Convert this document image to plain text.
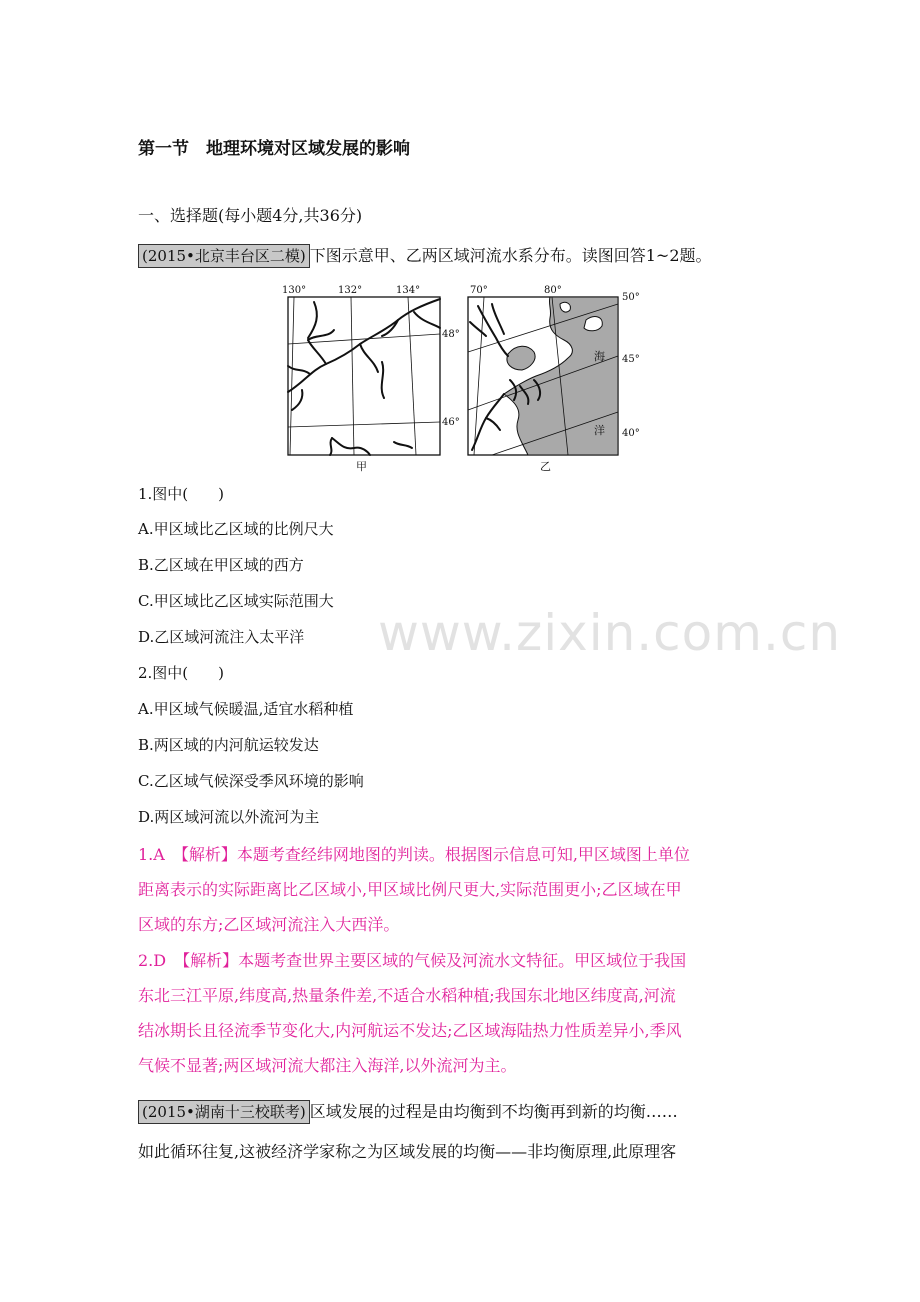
第一节　地理环境对区域发展的影响
一、选择题(每小题4分,共36分)
(2015•北京丰台区二模) 下图示意甲、乙两区域河流水系分布。读图回答1~2题。
130°	132°	134°
48°
46°
甲
70°	80°
50°
45°
40°
海
洋
乙
1.图中(　　)
A.甲区域比乙区域的比例尺大
B.乙区域在甲区域的西方
C.甲区域比乙区域实际范围大
D.乙区域河流注入太平洋
2.图中(　　)
A.甲区域气候暖温,适宜水稻种植
B.两区域的内河航运较发达
C.乙区域气候深受季风环境的影响
D.两区域河流以外流河为主
1.A　【解析】本题考查经纬网地图的判读。根据图示信息可知,甲区域图上单位
距离表示的实际距离比乙区域小,甲区域比例尺更大,实际范围更小;乙区域在甲
区域的东方;乙区域河流注入大西洋。
2.D　【解析】本题考查世界主要区域的气候及河流水文特征。甲区域位于我国
东北三江平原,纬度高,热量条件差,不适合水稻种植;我国东北地区纬度高,河流
结冰期长且径流季节变化大,内河航运不发达;乙区域海陆热力性质差异小,季风
气候不显著;两区域河流大都注入海洋,以外流河为主。
(2015•湖南十三校联考) 区域发展的过程是由均衡到不均衡再到新的均衡……
如此循环往复,这被经济学家称之为区域发展的均衡——非均衡原理,此原理客
www.zixin.com.cn
